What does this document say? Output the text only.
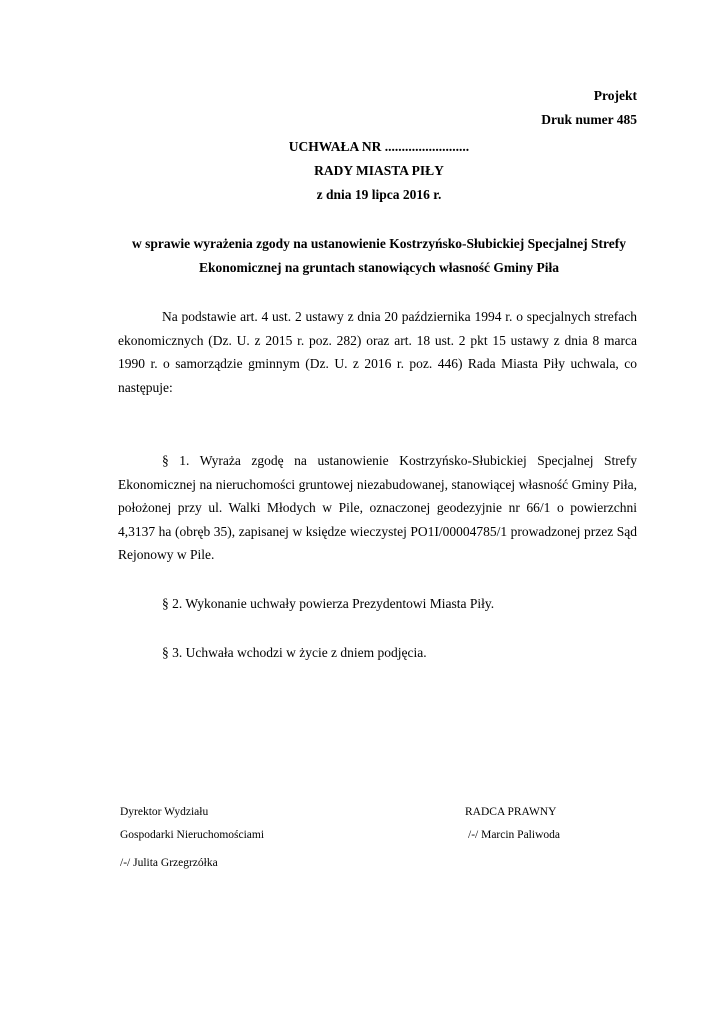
Projekt
Druk numer 485
UCHWAŁA NR .........................
RADY MIASTA PIŁY
z dnia 19 lipca 2016 r.
w sprawie wyrażenia zgody na ustanowienie Kostrzyńsko-Słubickiej Specjalnej Strefy
Ekonomicznej na gruntach stanowiących własność Gminy Piła

Na podstawie art. 4 ust. 2 ustawy z dnia 20 października 1994 r. o specjalnych strefach ekonomicznych (Dz. U. z 2015 r. poz. 282) oraz art. 18 ust. 2 pkt 15 ustawy z dnia 8 marca 1990 r. o samorządzie gminnym (Dz. U. z 2016 r. poz. 446) Rada Miasta Piły uchwala, co następuje:

§ 1. Wyraża zgodę na ustanowienie Kostrzyńsko-Słubickiej Specjalnej Strefy Ekonomicznej na nieruchomości gruntowej niezabudowanej, stanowiącej własność Gminy Piła, położonej przy ul. Walki Młodych w Pile, oznaczonej geodezyjnie nr 66/1 o powierzchni 4,3137 ha (obręb 35), zapisanej w księdze wieczystej PO1I/00004785/1 prowadzonej przez Sąd Rejonowy w Pile.

§ 2. Wykonanie uchwały powierza Prezydentowi Miasta Piły.

§ 3. Uchwała wchodzi w życie z dniem podjęcia.

Dyrektor Wydziału
Gospodarki Nieruchomościami
/-/ Julita Grzegrzółka
RADCA PRAWNY
/-/ Marcin Paliwoda
